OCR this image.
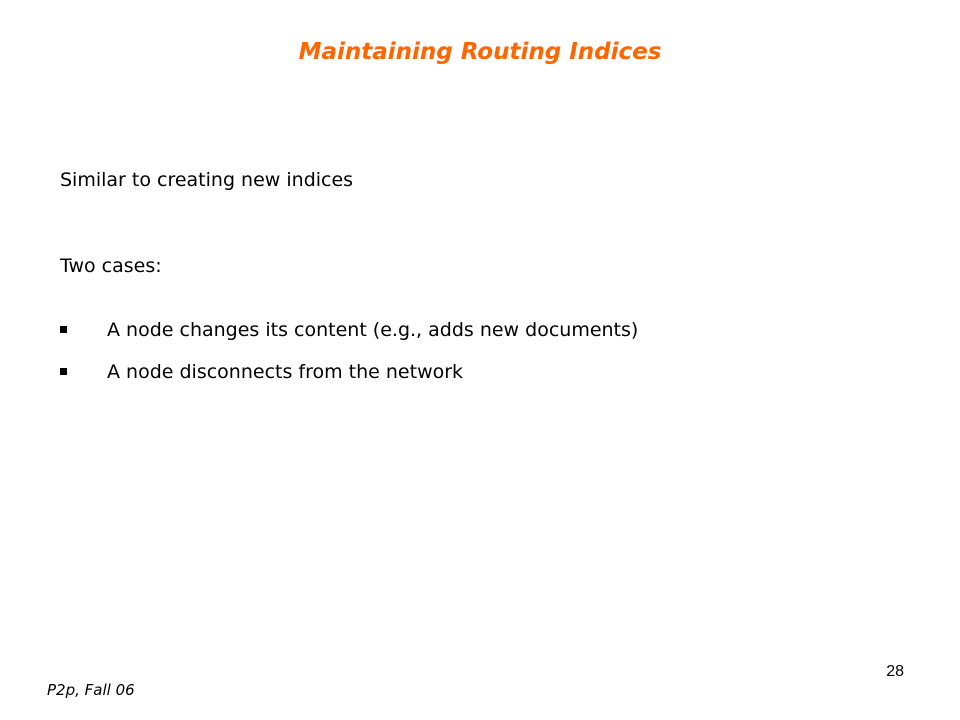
Maintaining Routing Indices
Similar to creating new indices
Two cases:
A node changes its content (e.g., adds new documents)
A node disconnects from the network
P2p, Fall 06
28
